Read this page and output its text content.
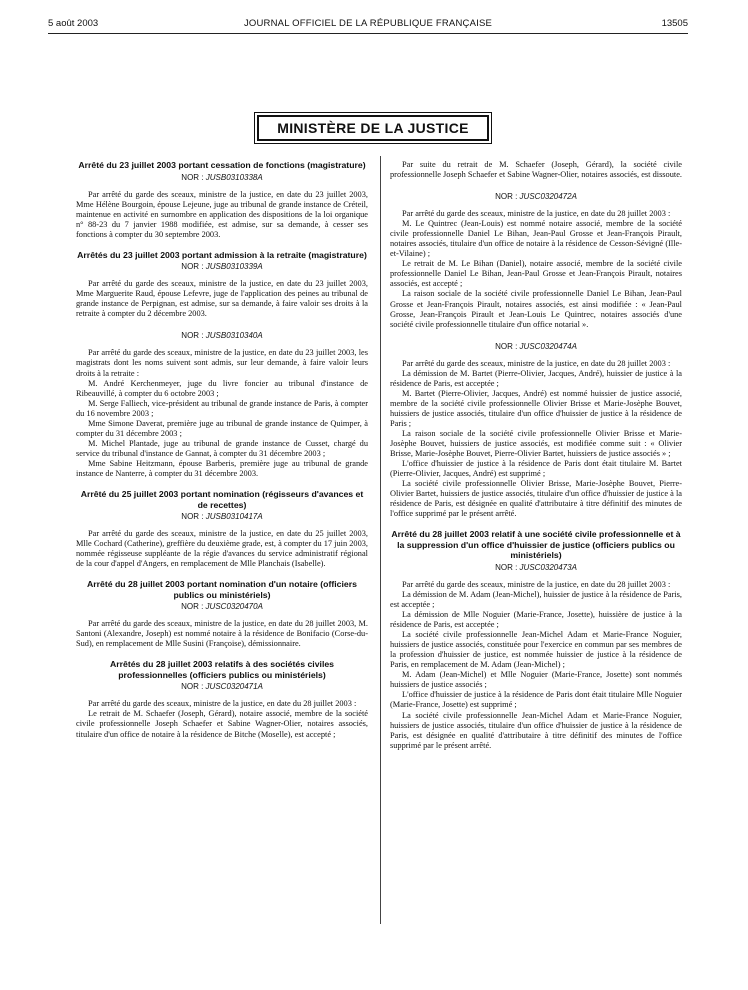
5 août 2003	JOURNAL OFFICIEL DE LA RÉPUBLIQUE FRANÇAISE	13505
MINISTÈRE DE LA JUSTICE

Arrêté du 23 juillet 2003 portant cessation de fonctions (magistrature)

NOR : JUSB0310338A

Par arrêté du garde des sceaux, ministre de la justice, en date du 23 juillet 2003, Mme Hélène Bourgoin, épouse Lejeune, juge au tribunal de grande instance de Créteil, maintenue en activité en surnombre en application des dispositions de la loi organique n° 88-23 du 7 janvier 1988 modifiée, est admise, sur sa demande, à cesser ses fonctions à compter du 30 septembre 2003.

Arrêtés du 23 juillet 2003 portant admission à la retraite (magistrature)

NOR : JUSB0310339A

Par arrêté du garde des sceaux, ministre de la justice, en date du 23 juillet 2003, Mme Marguerite Raud, épouse Lefevre, juge de l'application des peines au tribunal de grande instance de Perpignan, est admise, sur sa demande, à faire valoir ses droits à la retraite à compter du 2 décembre 2003.

NOR : JUSB0310340A

Par arrêté du garde des sceaux, ministre de la justice, en date du 23 juillet 2003, les magistrats dont les noms suivent sont admis, sur leur demande, à faire valoir leurs droits à la retraite :

M. André Kerchenmeyer, juge du livre foncier au tribunal d'instance de Ribeauvillé, à compter du 6 octobre 2003 ;

M. Serge Falliech, vice-président au tribunal de grande instance de Paris, à compter du 16 novembre 2003 ;

Mme Simone Daverat, première juge au tribunal de grande instance de Quimper, à compter du 31 décembre 2003 ;

M. Michel Plantade, juge au tribunal de grande instance de Cusset, chargé du service du tribunal d'instance de Gannat, à compter du 31 décembre 2003 ;

Mme Sabine Heitzmann, épouse Barberis, première juge au tribunal de grande instance de Nanterre, à compter du 31 décembre 2003.

Arrêté du 25 juillet 2003 portant nomination (régisseurs d'avances et de recettes)

NOR : JUSB0310417A

Par arrêté du garde des sceaux, ministre de la justice, en date du 25 juillet 2003, Mlle Cochard (Catherine), greffière du deuxième grade, est, à compter du 17 juin 2003, nommée régisseuse suppléante de la régie d'avances du service administratif régional de la cour d'appel d'Angers, en remplacement de Mlle Planchais (Isabelle).

Arrêté du 28 juillet 2003 portant nomination d'un notaire (officiers publics ou ministériels)

NOR : JUSC0320470A

Par arrêté du garde des sceaux, ministre de la justice, en date du 28 juillet 2003, M. Santoni (Alexandre, Joseph) est nommé notaire à la résidence de Bonifacio (Corse-du-Sud), en remplacement de Mlle Susini (Françoise), démissionnaire.

Arrêtés du 28 juillet 2003 relatifs à des sociétés civiles professionnelles (officiers publics ou ministériels)

NOR : JUSC0320471A

Par arrêté du garde des sceaux, ministre de la justice, en date du 28 juillet 2003 :

Le retrait de M. Schaefer (Joseph, Gérard), notaire associé, membre de la société civile professionnelle Joseph Schaefer et Sabine Wagner-Olier, notaires associés, titulaire d'un office de notaire à la résidence de Bitche (Moselle), est accepté ;

Par suite du retrait de M. Schaefer (Joseph, Gérard), la société civile professionnelle Joseph Schaefer et Sabine Wagner-Olier, notaires associés, est dissoute.

NOR : JUSC0320472A

Par arrêté du garde des sceaux, ministre de la justice, en date du 28 juillet 2003 :

M. Le Quintrec (Jean-Louis) est nommé notaire associé, membre de la société civile professionnelle Daniel Le Bihan, Jean-Paul Grosse et Jean-François Pirault, notaires associés, titulaire d'un office de notaire à la résidence de Cesson-Sévigné (Ille-et-Vilaine) ;

Le retrait de M. Le Bihan (Daniel), notaire associé, membre de la société civile professionnelle Daniel Le Bihan, Jean-Paul Grosse et Jean-François Pirault, notaires associés, est accepté ;

La raison sociale de la société civile professionnelle Daniel Le Bihan, Jean-Paul Grosse et Jean-François Pirault, notaires associés, est ainsi modifiée : « Jean-Paul Grosse, Jean-François Pirault et Jean-Louis Le Quintrec, notaires associés d'une société civile professionnelle titulaire d'un office notarial ».

NOR : JUSC0320474A

Par arrêté du garde des sceaux, ministre de la justice, en date du 28 juillet 2003 :

La démission de M. Bartet (Pierre-Olivier, Jacques, André), huissier de justice à la résidence de Paris, est acceptée ;

M. Bartet (Pierre-Olivier, Jacques, André) est nommé huissier de justice associé, membre de la société civile professionnelle Olivier Brisse et Marie-Josèphe Bouvet, huissiers de justice associés, titulaire d'un office d'huissier de justice à la résidence de Paris ;

La raison sociale de la société civile professionnelle Olivier Brisse et Marie-Josèphe Bouvet, huissiers de justice associés, est modifiée comme suit : « Olivier Brisse, Marie-Josèphe Bouvet, Pierre-Olivier Bartet, huissiers de justice associés » ;

L'office d'huissier de justice à la résidence de Paris dont était titulaire M. Bartet (Pierre-Olivier, Jacques, André) est supprimé ;

La société civile professionnelle Olivier Brisse, Marie-Josèphe Bouvet, Pierre-Olivier Bartet, huissiers de justice associés, titulaire d'un office d'huissier de justice à la résidence de Paris, est désignée en qualité d'attributaire à titre définitif des minutes de l'office supprimé par le présent arrêté.

Arrêté du 28 juillet 2003 relatif à une société civile professionnelle et à la suppression d'un office d'huissier de justice (officiers publics ou ministériels)

NOR : JUSC0320473A

Par arrêté du garde des sceaux, ministre de la justice, en date du 28 juillet 2003 :

La démission de M. Adam (Jean-Michel), huissier de justice à la résidence de Paris, est acceptée ;

La démission de Mlle Noguier (Marie-France, Josette), huissière de justice à la résidence de Paris, est acceptée ;

La société civile professionnelle Jean-Michel Adam et Marie-France Noguier, huissiers de justice associés, constituée pour l'exercice en commun par ses membres de la profession d'huissier de justice, est nommée huissier de justice à la résidence de Paris, en remplacement de M. Adam (Jean-Michel) ;

M. Adam (Jean-Michel) et Mlle Noguier (Marie-France, Josette) sont nommés huissiers de justice associés ;

L'office d'huissier de justice à la résidence de Paris dont était titulaire Mlle Noguier (Marie-France, Josette) est supprimé ;

La société civile professionnelle Jean-Michel Adam et Marie-France Noguier, huissiers de justice associés, titulaire d'un office d'huissier de justice à la résidence de Paris, est désignée en qualité d'attributaire à titre définitif des minutes de l'office supprimé par le présent arrêté.
